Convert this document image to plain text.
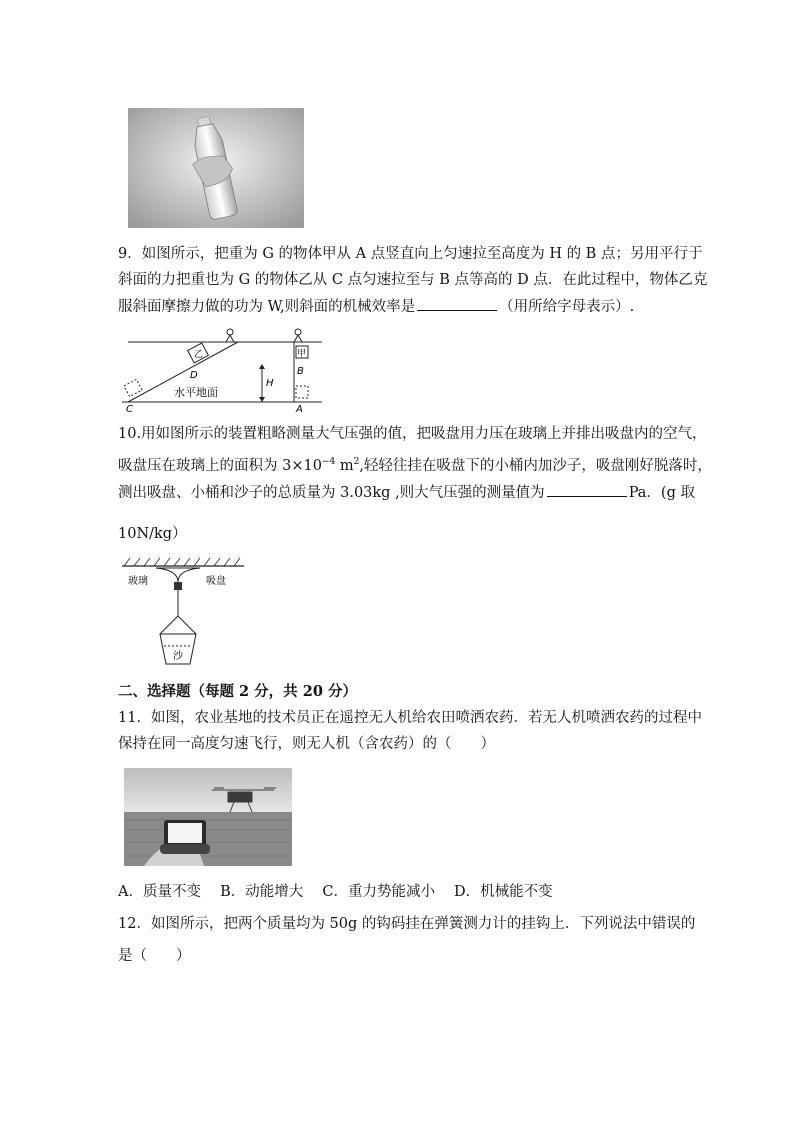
9．如图所示，把重为 G 的物体甲从 A 点竖直向上匀速拉至高度为 H 的 B 点；另用平行于
斜面的力把重也为 G 的物体乙从 C 点匀速拉至与 B 点等高的 D 点．在此过程中，物体乙克
服斜面摩擦力做的功为 W,则斜面的机械效率是	（用所给字母表示）.
乙	甲
D	B
H
水平地面
C	A
10.用如图所示的装置粗略测量大气压强的值，把吸盘用力压在玻璃上并排出吸盘内的空气，
吸盘压在玻璃上的面积为 $3\times 10^{-4}$ $m^2$,轻轻往挂在吸盘下的小桶内加沙子，吸盘刚好脱落时，
测出吸盘、小桶和沙子的总质量为 3.03kg ,则大气压强的测量值为	Pa．(g 取
10N/kg）
玻璃	吸盘
沙
二、选择题（每题 2 分，共 20 分）
11．如图，农业基地的技术员正在遥控无人机给农田喷洒农药．若无人机喷洒农药的过程中
保持在同一高度匀速飞行，则无人机（含农药）的（　　）
A．质量不变　 B．动能增大　 C．重力势能减小　 D．机械能不变
12．如图所示，把两个质量均为 50g 的钩码挂在弹簧测力计的挂钩上．下列说法中错误的
是（　　）
